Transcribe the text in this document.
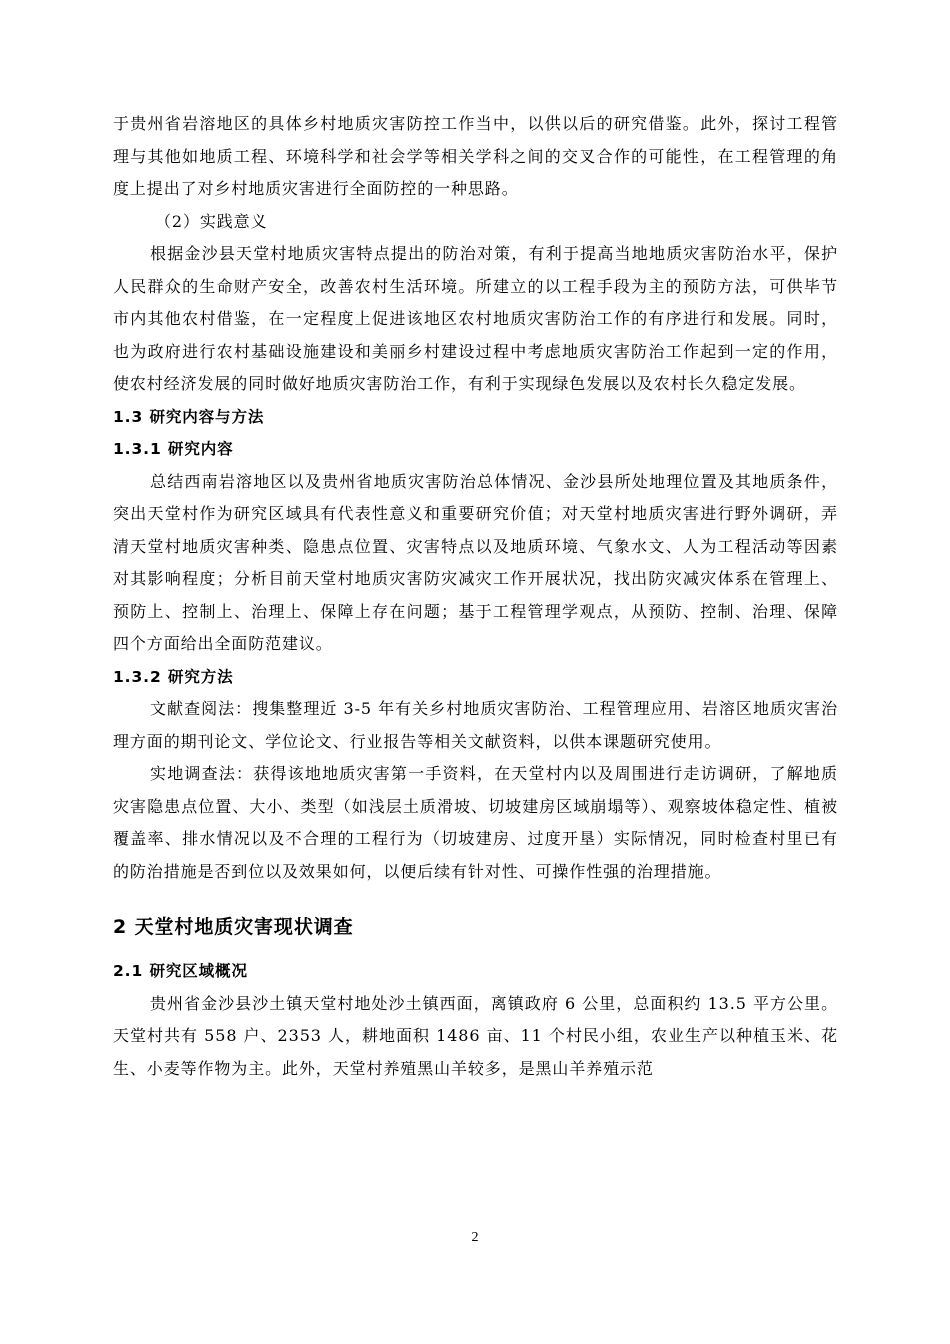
于贵州省岩溶地区的具体乡村地质灾害防控工作当中，以供以后的研究借鉴。此外，探讨工程管理与其他如地质工程、环境科学和社会学等相关学科之间的交叉合作的可能性，在工程管理的角度上提出了对乡村地质灾害进行全面防控的一种思路。

（2）实践意义

根据金沙县天堂村地质灾害特点提出的防治对策，有利于提高当地地质灾害防治水平，保护人民群众的生命财产安全，改善农村生活环境。所建立的以工程手段为主的预防方法，可供毕节市内其他农村借鉴，在一定程度上促进该地区农村地质灾害防治工作的有序进行和发展。同时，也为政府进行农村基础设施建设和美丽乡村建设过程中考虑地质灾害防治工作起到一定的作用，使农村经济发展的同时做好地质灾害防治工作，有利于实现绿色发展以及农村长久稳定发展。

1.3 研究内容与方法

1.3.1 研究内容

总结西南岩溶地区以及贵州省地质灾害防治总体情况、金沙县所处地理位置及其地质条件，突出天堂村作为研究区域具有代表性意义和重要研究价值；对天堂村地质灾害进行野外调研，弄清天堂村地质灾害种类、隐患点位置、灾害特点以及地质环境、气象水文、人为工程活动等因素对其影响程度；分析目前天堂村地质灾害防灾减灾工作开展状况，找出防灾减灾体系在管理上、预防上、控制上、治理上、保障上存在问题；基于工程管理学观点，从预防、控制、治理、保障四个方面给出全面防范建议。

1.3.2 研究方法

文献查阅法：搜集整理近 3-5 年有关乡村地质灾害防治、工程管理应用、岩溶区地质灾害治理方面的期刊论文、学位论文、行业报告等相关文献资料，以供本课题研究使用。

实地调查法：获得该地地质灾害第一手资料，在天堂村内以及周围进行走访调研，了解地质灾害隐患点位置、大小、类型（如浅层土质滑坡、切坡建房区域崩塌等）、观察坡体稳定性、植被覆盖率、排水情况以及不合理的工程行为（切坡建房、过度开垦）实际情况，同时检查村里已有的防治措施是否到位以及效果如何，以便后续有针对性、可操作性强的治理措施。

2 天堂村地质灾害现状调查

2.1 研究区域概况

贵州省金沙县沙土镇天堂村地处沙土镇西面，离镇政府 6 公里，总面积约 13.5 平方公里。天堂村共有 558 户、2353 人，耕地面积 1486 亩、11 个村民小组，农业生产以种植玉米、花生、小麦等作物为主。此外，天堂村养殖黑山羊较多，是黑山羊养殖示范

2
